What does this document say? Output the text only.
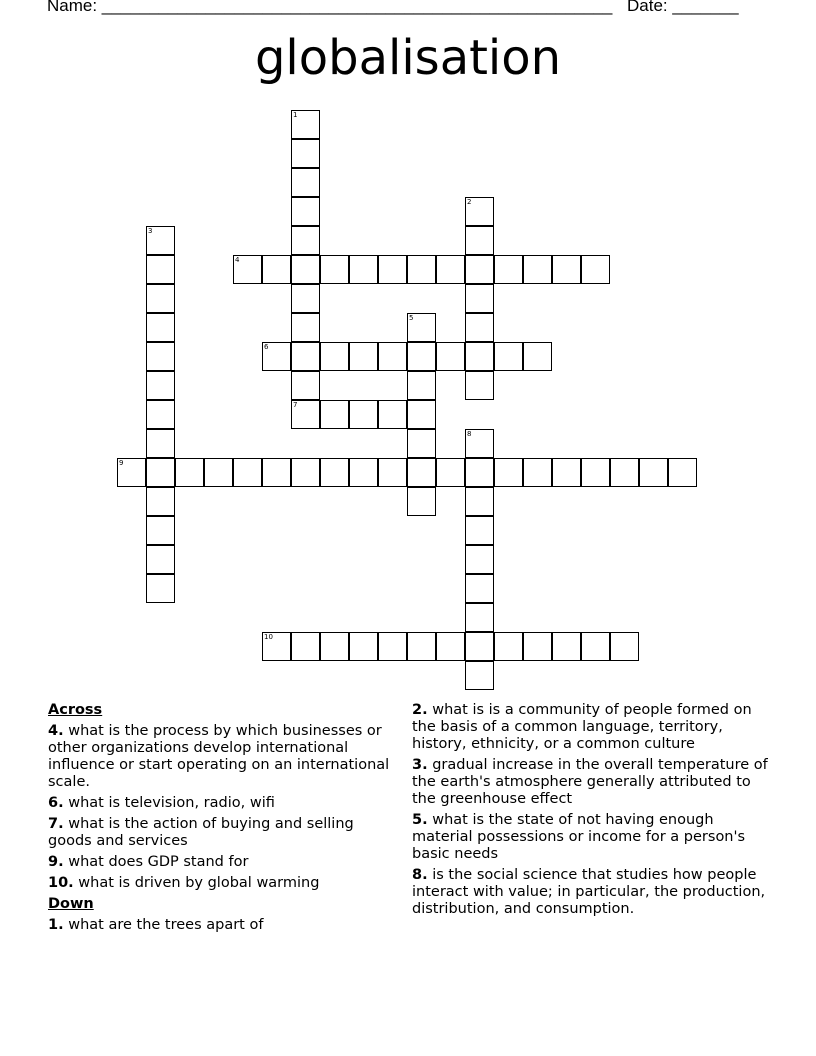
Name: ______________________________________________________ Date: _______
globalisation
1
7
2
3
4
5
6
8
9
10
Across
4. what is the process by which businesses or other organizations develop international influence or start operating on an international scale.
6. what is television, radio, wifi
7. what is the action of buying and selling goods and services
9. what does GDP stand for
10. what is driven by global warming
Down
1. what are the trees apart of
2. what is is a community of people formed on the basis of a common language, territory, history, ethnicity, or a common culture
3. gradual increase in the overall temperature of the earth's atmosphere generally attributed to the greenhouse effect
5. what is the state of not having enough material possessions or income for a person's basic needs
8. is the social science that studies how people interact with value; in particular, the production, distribution, and consumption.
